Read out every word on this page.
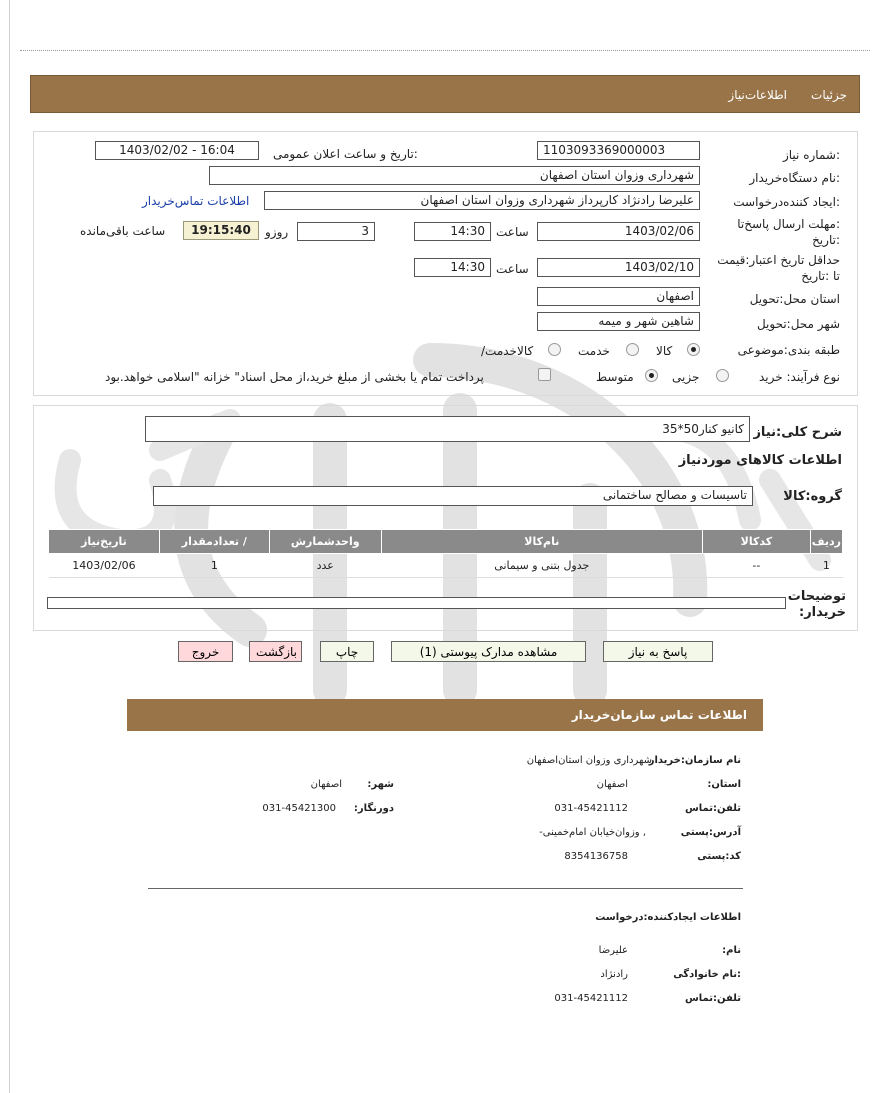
جزئیات
اطلاعات‌نیاز
شماره نیاز:
1103093369000003
تاریخ و ساعت اعلان عمومی:
1403/02/02 - 16:04
نام دستگاه‌خریدار:
شهرداری وزوان استان اصفهان
ایجاد کننده‌درخواست:
علیرضا رادنژاد کارپرداز شهرداری وزوان استان اصفهان
اطلاعات تماس‌خریدار
مهلت ارسال پاسخ‌تا:
تاریخ:
1403/02/06
ساعت
14:30
3
روزو
19:15:40
ساعت باقی‌مانده
حداقل تاریخ اعتبار:قیمت
تا :تاریخ
1403/02/10
ساعت
14:30
استان محل:تحویل
اصفهان
شهر محل:تحویل
شاهین شهر و میمه
طبقه بندی:موضوعی
کالا
خدمت
/کالاخدمت
نوع فرآیند: خرید
جزیی
متوسط
پرداخت تمام یا بخشی از مبلغ خرید،از محل اسناد" خزانه "اسلامی خواهد.بود
شرح کلی:نیاز
کانیو کنار50*35
اطلاعات کالاهای موردنیاز
گروه:کالا
تاسیسات و مصالح ساختمانی
ردیف	کدکالا	نام‌کالا	واحدشمارش	/ تعدادمقدار	تاریخ‌نیاز
1	--	جدول بتنی و سیمانی	عدد	1	1403/02/06
توضیحات
:خریدار
پاسخ به نیاز
مشاهده مدارک پیوستی (1)
چاپ
بازگشت
خروج
اطلاعات تماس سازمان‌خریدار
نام سازمان:خریدار
شهرداری وزوان استان‌اصفهان
:استان
اصفهان
:شهر
اصفهان
تلفن:تماس
031-45421112
:دورنگار
031-45421300
آدرس:پستی
-وزوان‌خیابان امام‌خمینی ,
کد:پستی
8354136758
اطلاعات ایجادکننده:درخواست
:نام
علیرضا
نام خانوادگی:
رادنژاد
تلفن:تماس
031-45421112
